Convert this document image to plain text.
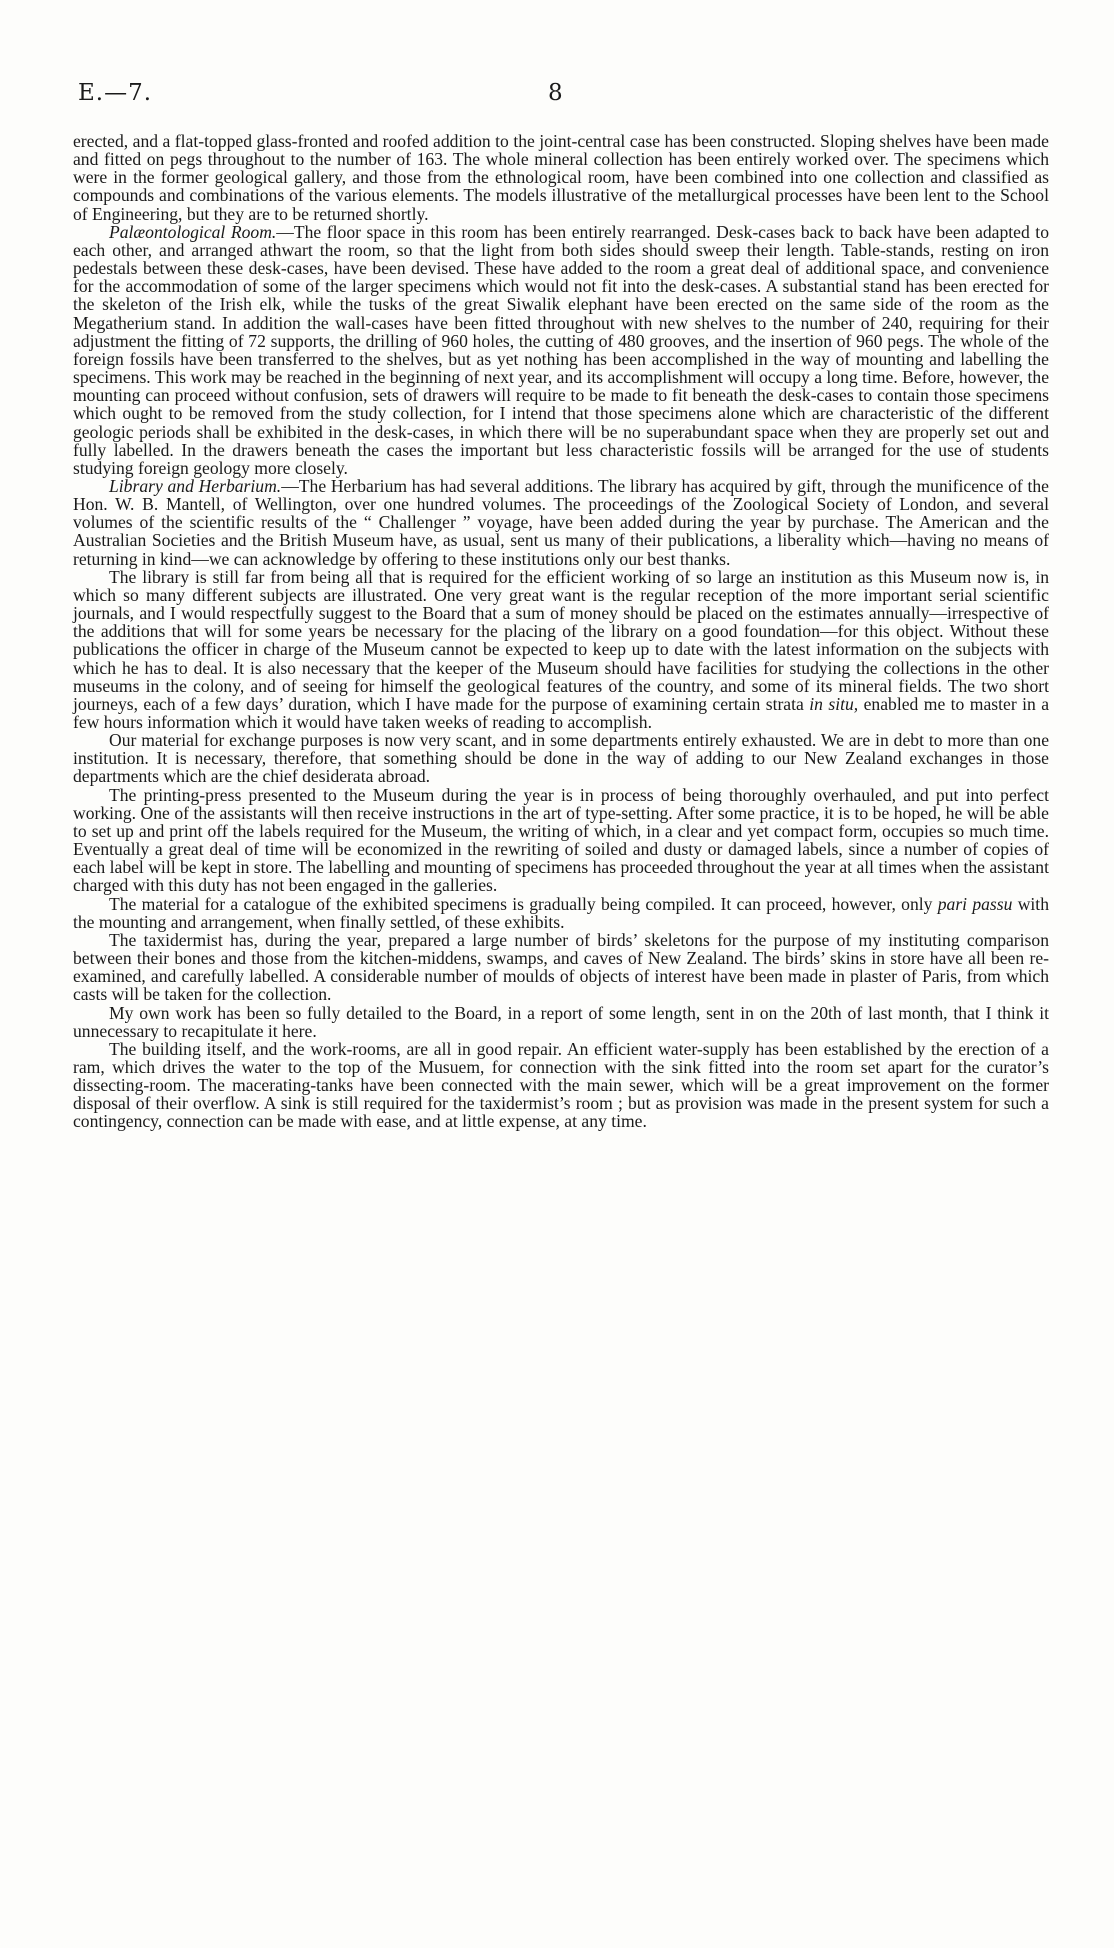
E.—7.	8

erected, and a flat-topped glass-fronted and roofed addition to the joint-central case has been constructed. Sloping shelves have been made and fitted on pegs throughout to the number of 163. The whole mineral collection has been entirely worked over. The specimens which were in the former geological gallery, and those from the ethnological room, have been combined into one collection and classified as compounds and combinations of the various elements. The models illustrative of the metallurgical processes have been lent to the School of Engineering, but they are to be returned shortly.

Palæontological Room.—The floor space in this room has been entirely rearranged. Desk-cases back to back have been adapted to each other, and arranged athwart the room, so that the light from both sides should sweep their length. Table-stands, resting on iron pedestals between these desk-cases, have been devised. These have added to the room a great deal of additional space, and convenience for the accommodation of some of the larger specimens which would not fit into the desk-cases. A substantial stand has been erected for the skeleton of the Irish elk, while the tusks of the great Siwalik elephant have been erected on the same side of the room as the Megatherium stand. In addition the wall-cases have been fitted throughout with new shelves to the number of 240, requiring for their adjustment the fitting of 72 supports, the drilling of 960 holes, the cutting of 480 grooves, and the insertion of 960 pegs. The whole of the foreign fossils have been transferred to the shelves, but as yet nothing has been accomplished in the way of mounting and labelling the specimens. This work may be reached in the beginning of next year, and its accomplishment will occupy a long time. Before, however, the mounting can proceed without confusion, sets of drawers will require to be made to fit beneath the desk-cases to contain those specimens which ought to be removed from the study collection, for I intend that those specimens alone which are characteristic of the different geologic periods shall be exhibited in the desk-cases, in which there will be no superabundant space when they are properly set out and fully labelled. In the drawers beneath the cases the important but less characteristic fossils will be arranged for the use of students studying foreign geology more closely.

Library and Herbarium.—The Herbarium has had several additions. The library has acquired by gift, through the munificence of the Hon. W. B. Mantell, of Wellington, over one hundred volumes. The proceedings of the Zoological Society of London, and several volumes of the scientific results of the “ Challenger ” voyage, have been added during the year by purchase. The American and the Australian Societies and the British Museum have, as usual, sent us many of their publications, a liberality which—having no means of returning in kind—we can acknowledge by offering to these institutions only our best thanks.

The library is still far from being all that is required for the efficient working of so large an institution as this Museum now is, in which so many different subjects are illustrated. One very great want is the regular reception of the more important serial scientific journals, and I would respectfully suggest to the Board that a sum of money should be placed on the estimates annually—irrespective of the additions that will for some years be necessary for the placing of the library on a good foundation—for this object. Without these publications the officer in charge of the Museum cannot be expected to keep up to date with the latest information on the subjects with which he has to deal. It is also necessary that the keeper of the Museum should have facilities for studying the collections in the other museums in the colony, and of seeing for himself the geological features of the country, and some of its mineral fields. The two short journeys, each of a few days’ duration, which I have made for the purpose of examining certain strata in situ, enabled me to master in a few hours information which it would have taken weeks of reading to accomplish.

Our material for exchange purposes is now very scant, and in some departments entirely exhausted. We are in debt to more than one institution. It is necessary, therefore, that something should be done in the way of adding to our New Zealand exchanges in those departments which are the chief desiderata abroad.

The printing-press presented to the Museum during the year is in process of being thoroughly overhauled, and put into perfect working. One of the assistants will then receive instructions in the art of type-setting. After some practice, it is to be hoped, he will be able to set up and print off the labels required for the Museum, the writing of which, in a clear and yet compact form, occupies so much time. Eventually a great deal of time will be economized in the rewriting of soiled and dusty or damaged labels, since a number of copies of each label will be kept in store. The labelling and mounting of specimens has proceeded throughout the year at all times when the assistant charged with this duty has not been engaged in the galleries.

The material for a catalogue of the exhibited specimens is gradually being compiled. It can proceed, however, only pari passu with the mounting and arrangement, when finally settled, of these exhibits.

The taxidermist has, during the year, prepared a large number of birds’ skeletons for the purpose of my instituting comparison between their bones and those from the kitchen-middens, swamps, and caves of New Zealand. The birds’ skins in store have all been re-examined, and carefully labelled. A considerable number of moulds of objects of interest have been made in plaster of Paris, from which casts will be taken for the collection.

My own work has been so fully detailed to the Board, in a report of some length, sent in on the 20th of last month, that I think it unnecessary to recapitulate it here.

The building itself, and the work-rooms, are all in good repair. An efficient water-supply has been established by the erection of a ram, which drives the water to the top of the Musuem, for connection with the sink fitted into the room set apart for the curator’s dissecting-room. The macerating-tanks have been connected with the main sewer, which will be a great improvement on the former disposal of their overflow. A sink is still required for the taxidermist’s room ; but as provision was made in the present system for such a contingency, connection can be made with ease, and at little expense, at any time.
